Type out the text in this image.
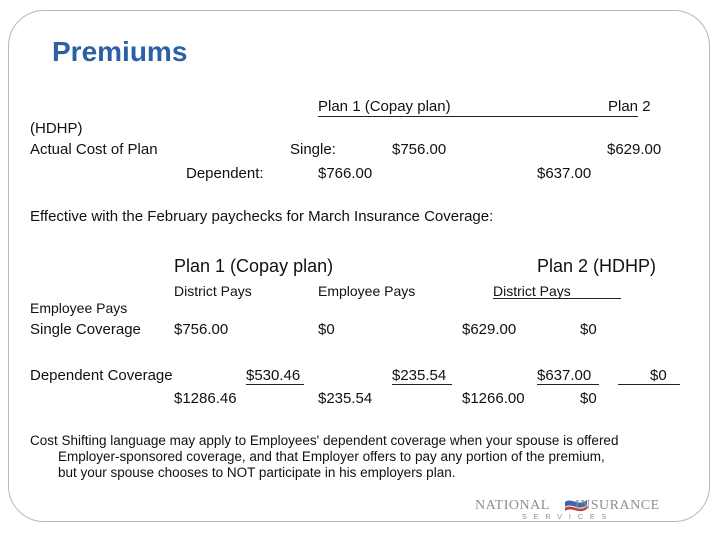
Premiums
Plan 1 (Copay plan)	Plan 2
(HDHP)
Actual Cost of Plan	Single:	$756.00	$629.00
Dependent:	$766.00	$637.00
Effective with the February paychecks for March Insurance Coverage:
Plan 1 (Copay plan)	Plan 2 (HDHP)
District Pays	Employee Pays	District Pays
Employee Pays
Single Coverage $756.00	$0	$629.00	$0
Dependent Coverage	$530.46	$235.54	$637.00	$0
$1286.46	$235.54	$1266.00	$0
Cost Shifting language may apply to Employees' dependent coverage when your spouse is offered
Employer-sponsored coverage, and that Employer offers to pay any portion of the premium,
but your spouse chooses to NOT participate in his employers plan.
NATIONAL INSURANCE
SERVICES
